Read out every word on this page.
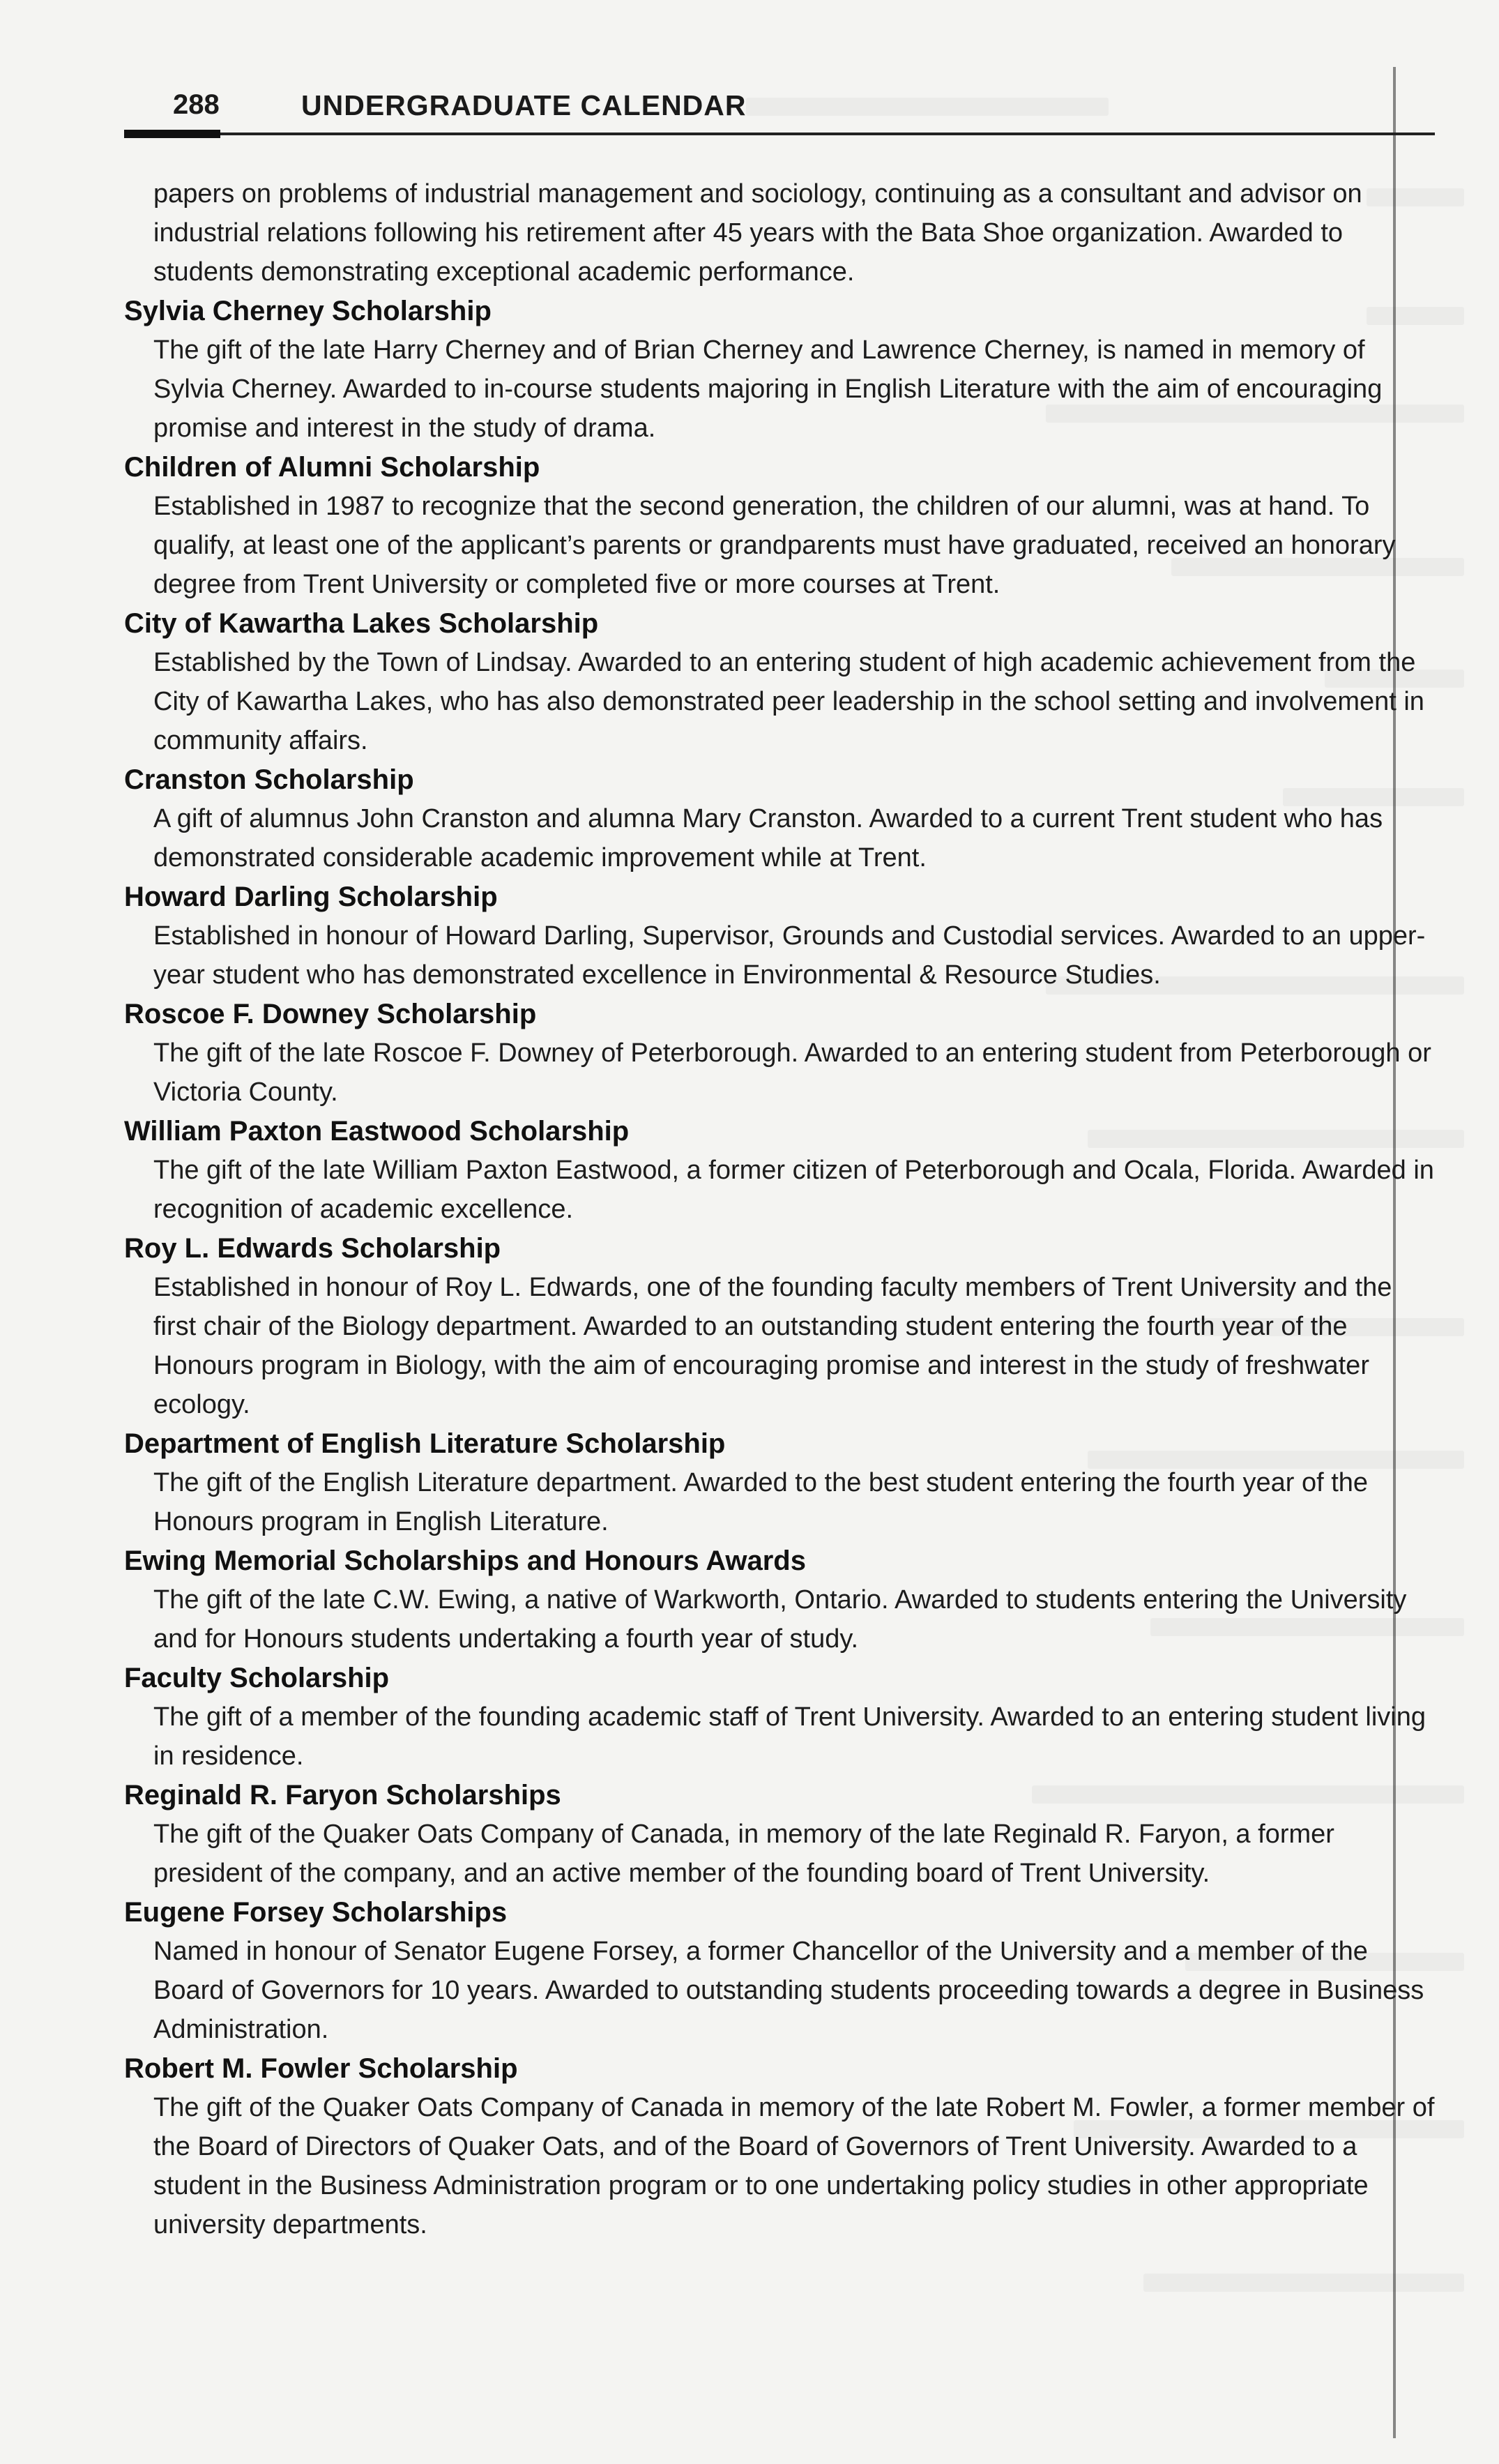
288	UNDERGRADUATE CALENDAR

papers on problems of industrial management and sociology, continuing as a consultant and advisor on industrial relations following his retirement after 45 years with the Bata Shoe organization. Awarded to students demonstrating exceptional academic performance.

Sylvia Cherney Scholarship

The gift of the late Harry Cherney and of Brian Cherney and Lawrence Cherney, is named in memory of Sylvia Cherney. Awarded to in-course students majoring in English Literature with the aim of encouraging promise and interest in the study of drama.

Children of Alumni Scholarship

Established in 1987 to recognize that the second generation, the children of our alumni, was at hand. To qualify, at least one of the applicant’s parents or grandparents must have graduated, received an honorary degree from Trent University or completed five or more courses at Trent.

City of Kawartha Lakes Scholarship

Established by the Town of Lindsay. Awarded to an entering student of high academic achievement from the City of Kawartha Lakes, who has also demonstrated peer leadership in the school setting and involvement in community affairs.

Cranston Scholarship

A gift of alumnus John Cranston and alumna Mary Cranston. Awarded to a current Trent student who has demonstrated considerable academic improvement while at Trent.

Howard Darling Scholarship

Established in honour of Howard Darling, Supervisor, Grounds and Custodial services. Awarded to an upper-year student who has demonstrated excellence in Environmental & Resource Studies.

Roscoe F. Downey Scholarship

The gift of the late Roscoe F. Downey of Peterborough. Awarded to an entering student from Peterborough or Victoria County.

William Paxton Eastwood Scholarship

The gift of the late William Paxton Eastwood, a former citizen of Peterborough and Ocala, Florida. Awarded in recognition of academic excellence.

Roy L. Edwards Scholarship

Established in honour of Roy L. Edwards, one of the founding faculty members of Trent University and the first chair of the Biology department. Awarded to an outstanding student entering the fourth year of the Honours program in Biology, with the aim of encouraging promise and interest in the study of freshwater ecology.

Department of English Literature Scholarship

The gift of the English Literature department. Awarded to the best student entering the fourth year of the Honours program in English Literature.

Ewing Memorial Scholarships and Honours Awards

The gift of the late C.W. Ewing, a native of Warkworth, Ontario. Awarded to students entering the University and for Honours students undertaking a fourth year of study.

Faculty Scholarship

The gift of a member of the founding academic staff of Trent University. Awarded to an entering student living in residence.

Reginald R. Faryon Scholarships

The gift of the Quaker Oats Company of Canada, in memory of the late Reginald R. Faryon, a former president of the company, and an active member of the founding board of Trent University.

Eugene Forsey Scholarships

Named in honour of Senator Eugene Forsey, a former Chancellor of the University and a member of the Board of Governors for 10 years. Awarded to outstanding students proceeding towards a degree in Business Administration.

Robert M. Fowler Scholarship

The gift of the Quaker Oats Company of Canada in memory of the late Robert M. Fowler, a former member of the Board of Directors of Quaker Oats, and of the Board of Governors of Trent University. Awarded to a student in the Business Administration program or to one undertaking policy studies in other appropriate university departments.
